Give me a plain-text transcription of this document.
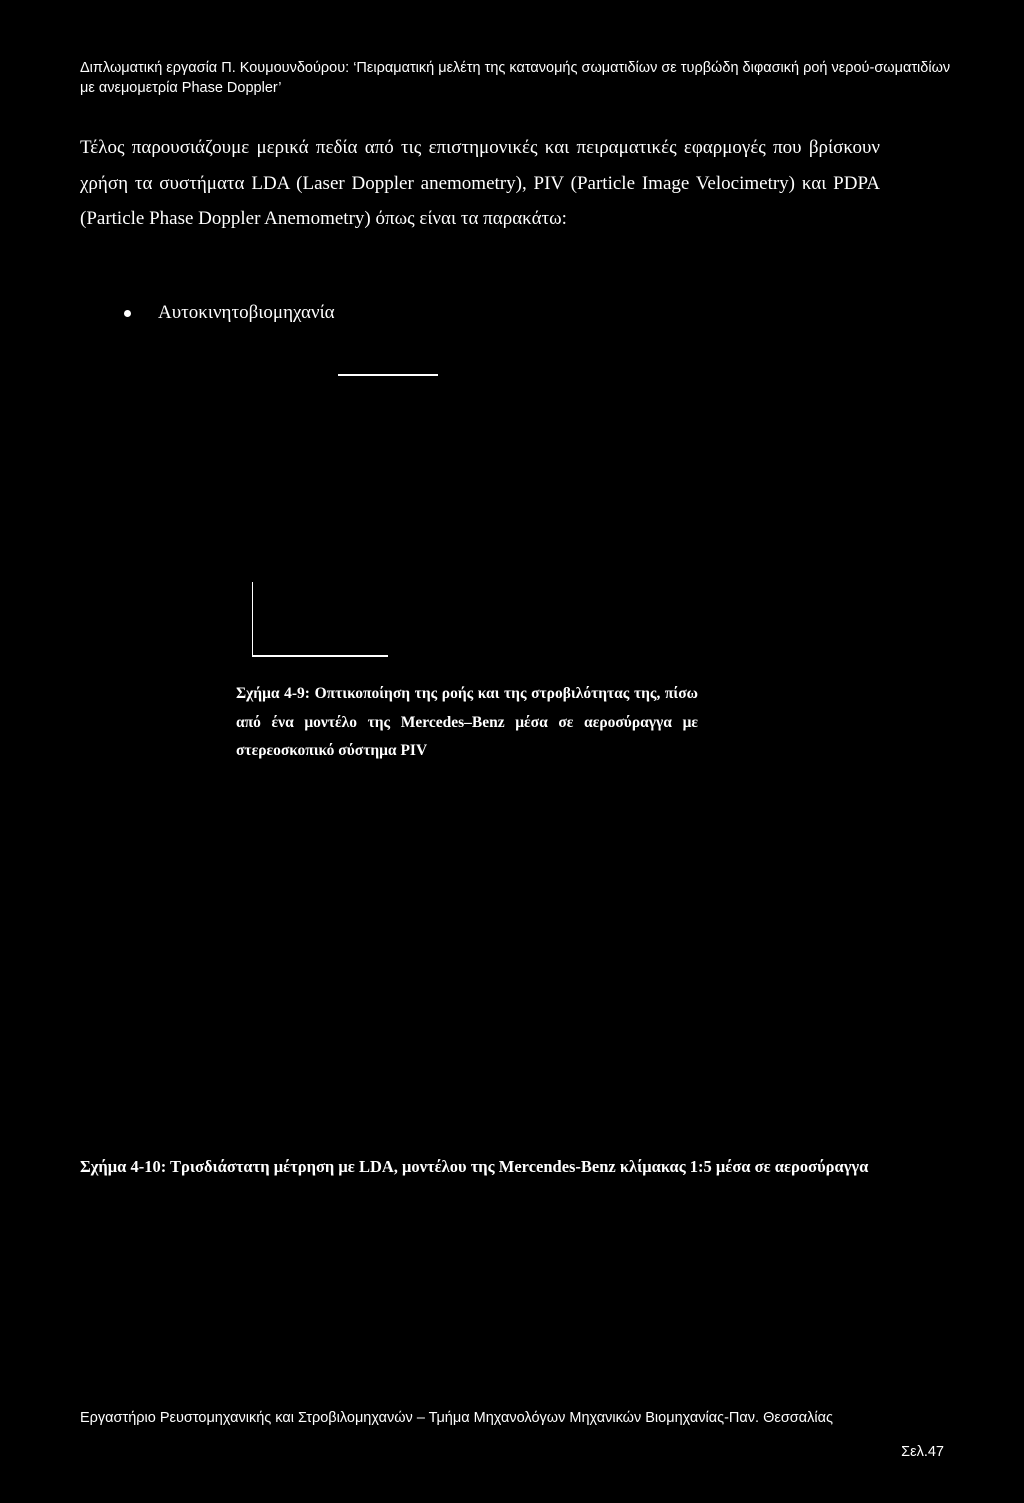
Διπλωματική εργασία Π. Κουμουνδούρου: ‘Πειραματική μελέτη της κατανομής σωματιδίων σε τυρβώδη διφασική ροή νερού-σωματιδίων με ανεμομετρία Phase Doppler’
Τέλος παρουσιάζουμε μερικά πεδία από τις επιστημονικές και πειραματικές εφαρμογές που βρίσκουν χρήση τα συστήματα LDA (Laser Doppler anemometry), PIV (Particle Image Velocimetry) και PDPA (Particle Phase Doppler Anemometry) όπως είναι τα παρακάτω:
Αυτοκινητοβιομηχανία
Σχήμα 4-9: Οπτικοποίηση της ροής και της στροβιλότητας της, πίσω από ένα μοντέλο της Mercedes–Benz μέσα σε αεροσύραγγα με στερεοσκοπικό σύστημα PIV
Σχήμα 4-10: Τρισδιάστατη μέτρηση με LDA, μοντέλου της Mercendes-Benz κλίμακας 1:5 μέσα σε αεροσύραγγα
Εργαστήριο Ρευστομηχανικής και Στροβιλομηχανών – Τμήμα Μηχανολόγων Μηχανικών Βιομηχανίας-Παν. Θεσσαλίας
Σελ.47
